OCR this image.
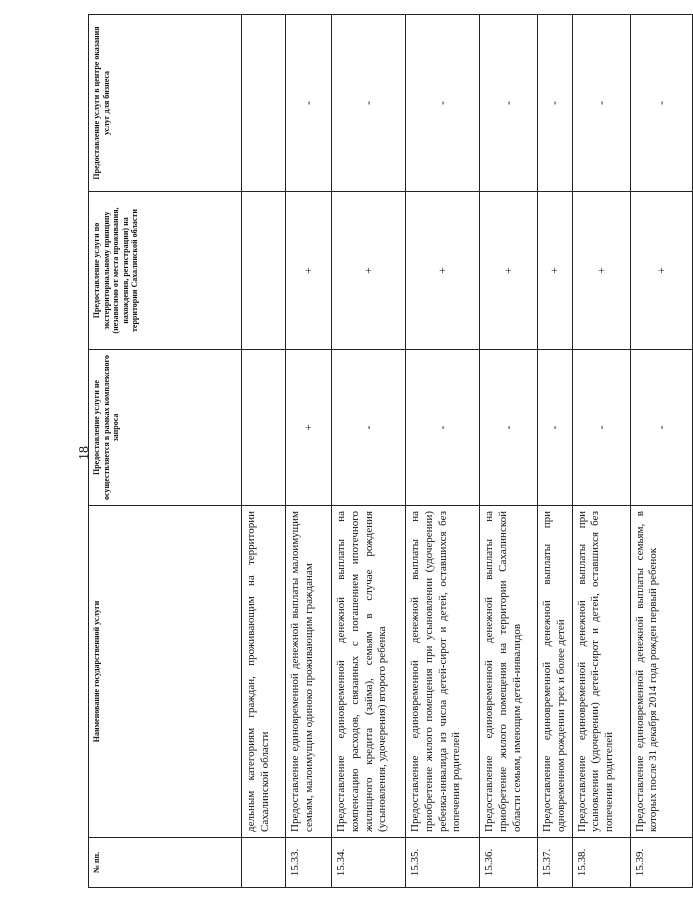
18
№ пп.	Наименование государственной услуги	Предоставление услуги не осуществляется в рамках комплексного запроса	Предоставление услуги по экстерриториальному принципу (независимо от места проживания, нахождения, регистрации) на территории Сахалинской области	Предоставление услуги в центре оказания услуг для бизнеса
	дельным категориям граждан, проживающим на территории Сахалинской области			
15.33.	Предоставление единовременной денежной выплаты малоимущим семьям, малоимущим одиноко проживающим гражданам	+	+	-
15.34.	Предоставление единовременной денежной выплаты на компенсацию расходов, связанных с погашением ипотечного жилищного кредита (займа), семьям в случае рождения (усыновления, удочерения) второго ребенка	-	+	-
15.35.	Предоставление единовременной денежной выплаты на приобретение жилого помещения при усыновлении (удочерении) ребенка-инвалида из числа детей-сирот и детей, оставшихся без попечения родителей	-	+	-
15.36.	Предоставление единовременной денежной выплаты на приобретение жилого помещения на территории Сахалинской области семьям, имеющим детей-инвалидов	-	+	-
15.37.	Предоставление единовременной денежной выплаты при одновременном рождении трех и более детей	-	+	-
15.38.	Предоставление единовременной денежной выплаты при усыновлении (удочерении) детей-сирот и детей, оставшихся без попечения родителей	-	+	-
15.39.	Предоставление единовременной денежной выплаты семьям, в которых после 31 декабря 2014 года рожден первый ребенок	-	+	-
